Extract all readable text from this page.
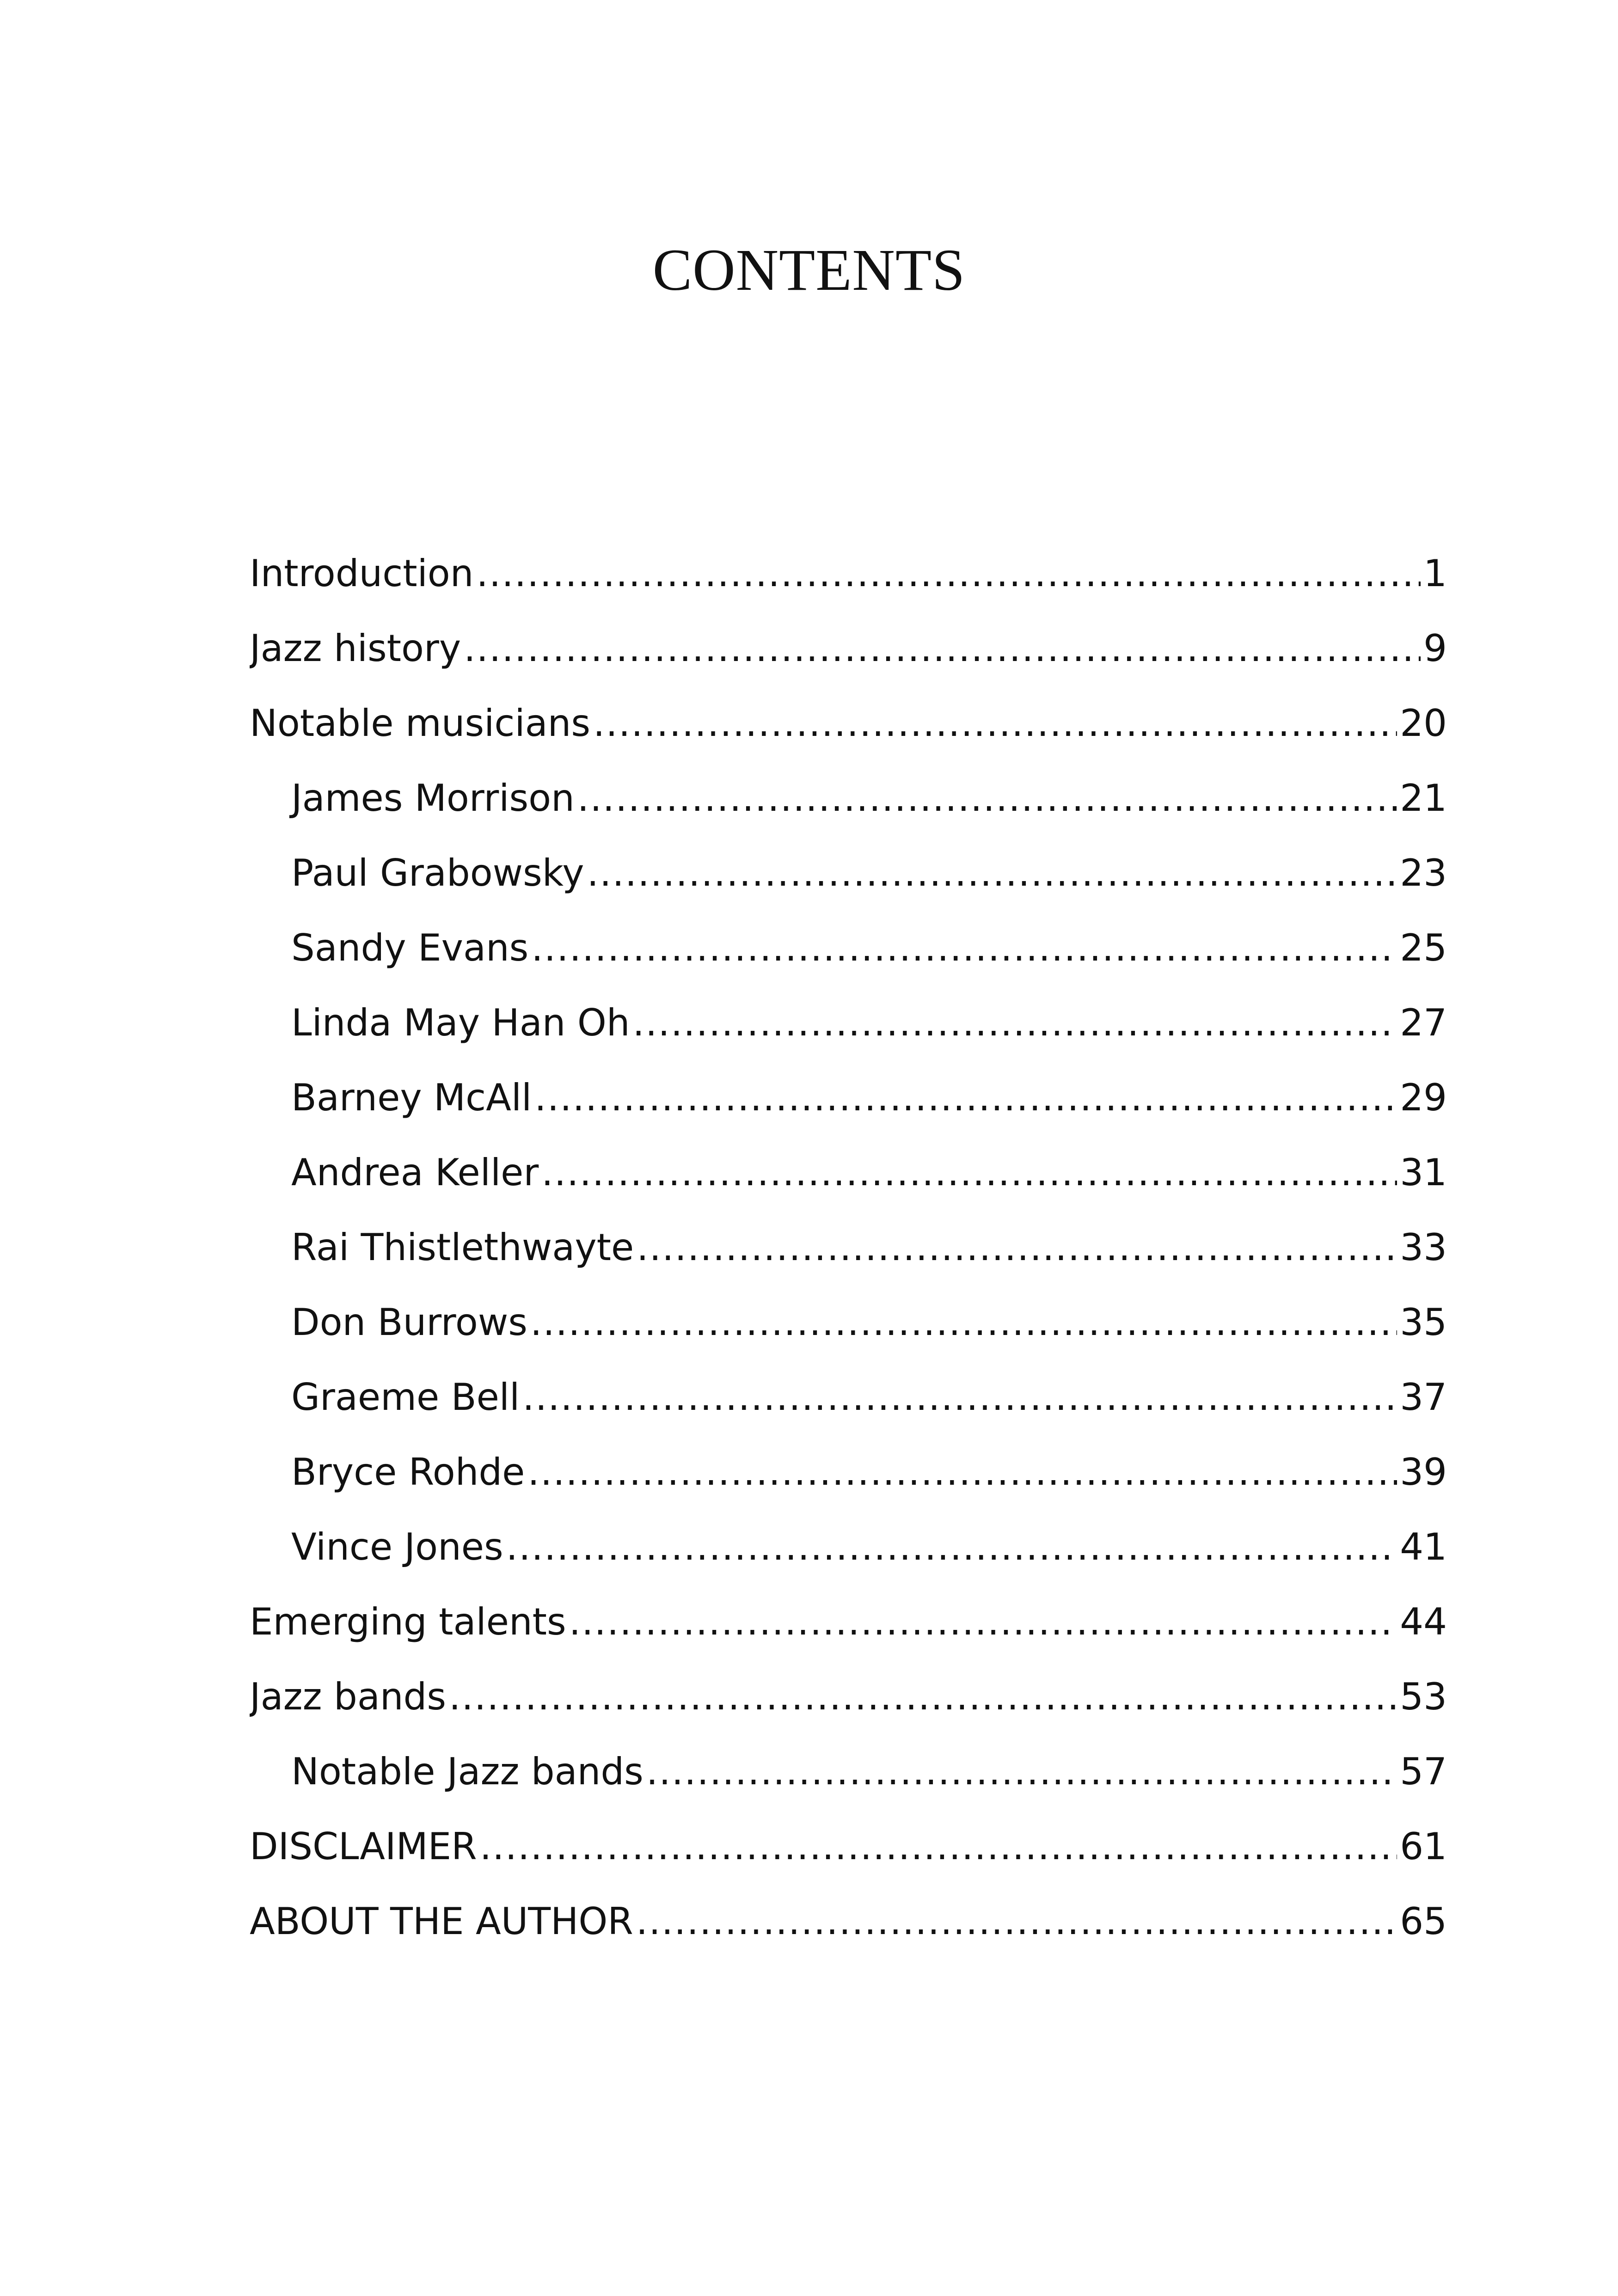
CONTENTS
Introduction .....	1
Jazz history .....	9
Notable musicians .....	20
James Morrison .....	21
Paul Grabowsky .....	23
Sandy Evans .....	25
Linda May Han Oh .....	27
Barney McAll .....	29
Andrea Keller .....	31
Rai Thistlethwayte .....	33
Don Burrows .....	35
Graeme Bell .....	37
Bryce Rohde .....	39
Vince Jones .....	41
Emerging talents .....	44
Jazz bands .....	53
Notable Jazz bands .....	57
DISCLAIMER .....	61
ABOUT THE AUTHOR .....	65
